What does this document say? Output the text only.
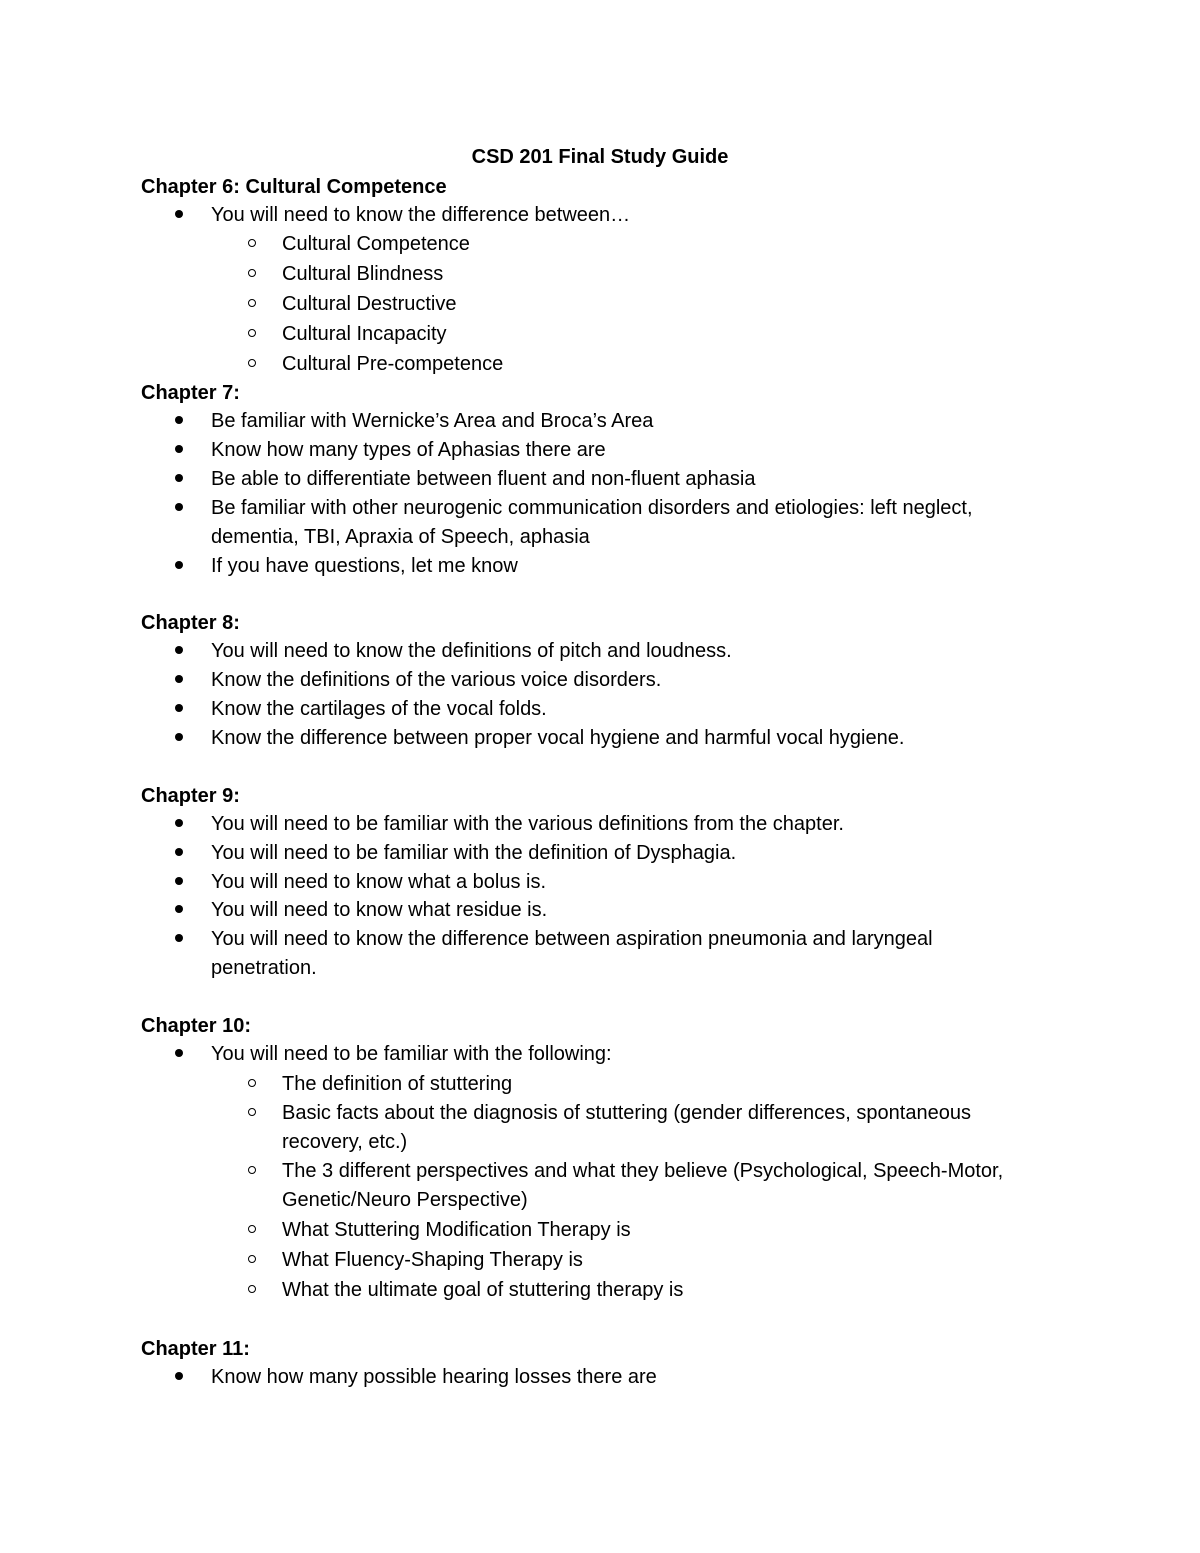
CSD 201 Final Study Guide
Chapter 6: Cultural Competence
You will need to know the difference between…
Cultural Competence
Cultural Blindness
Cultural Destructive
Cultural Incapacity
Cultural Pre-competence
Chapter 7:
Be familiar with Wernicke’s Area and Broca’s Area
Know how many types of Aphasias there are
Be able to differentiate between fluent and non-fluent aphasia
Be familiar with other neurogenic communication disorders and etiologies: left neglect,
dementia, TBI, Apraxia of Speech, aphasia
If you have questions, let me know
Chapter 8:
You will need to know the definitions of pitch and loudness.
Know the definitions of the various voice disorders.
Know the cartilages of the vocal folds.
Know the difference between proper vocal hygiene and harmful vocal hygiene.
Chapter 9:
You will need to be familiar with the various definitions from the chapter.
You will need to be familiar with the definition of Dysphagia.
You will need to know what a bolus is.
You will need to know what residue is.
You will need to know the difference between aspiration pneumonia and laryngeal
penetration.
Chapter 10:
You will need to be familiar with the following:
The definition of stuttering
Basic facts about the diagnosis of stuttering (gender differences, spontaneous
recovery, etc.)
The 3 different perspectives and what they believe (Psychological, Speech-Motor,
Genetic/Neuro Perspective)
What Stuttering Modification Therapy is
What Fluency-Shaping Therapy is
What the ultimate goal of stuttering therapy is
Chapter 11:
Know how many possible hearing losses there are
